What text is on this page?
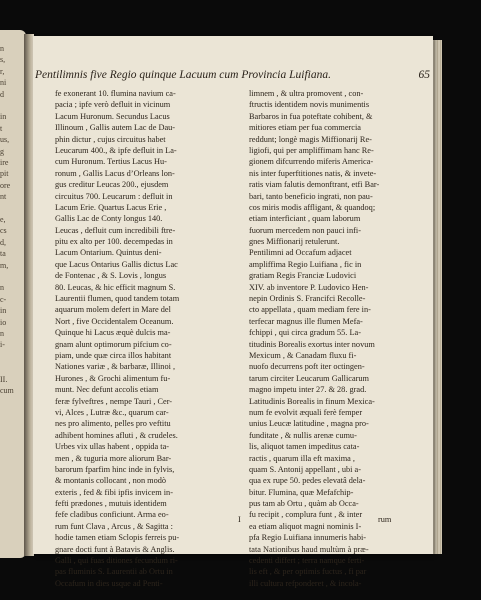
n
s,
r,
ni
d
in
t
us,
g
ire
pit
ore
nt
e,
cs
d,
ta
m,
n
c-
in
io
n
i-
II.
cum
Pentilimnis five Regio quinque Lacuum cum Provincia Luifiana.	65
fe exonerant 10. flumina navium ca-
pacia ; ipfe verò defluit in vicinum
Lacum Huronum. Secundus Lacus
Illinoum , Gallis autem Lac de Dau-
phin dictur , cujus circuitus habet
Leucarum 400., & ipfe defluit in La-
cum Huronum. Tertius Lacus Hu-
ronum , Gallis Lacus d’Orleans lon-
gus creditur Leucas 200., ejusdem
circuitus 700. Leucarum : defluit in
Lacum Erie. Quartus Lacus Erie ,
Gallis Lac de Conty longus 140.
Leucas , defluit cum incredibili ftre-
pitu ex alto per 100. decempedas in
Lacum Ontarium. Quintus deni-
que Lacus Ontarius Gallis dictus Lac
de Fontenac , & S. Lovis , longus
80. Leucas, & hic efficit magnum S.
Laurentii flumen, quod tandem totam
aquarum molem defert in Mare del
Nort , five Occidentalem Oceanum.
Quinque hi Lacus æquè dulcis ma-
gnam alunt optimorum pifcium co-
piam, unde quæ circa illos habitant
Nationes variæ , & barbaræ, Illinoi ,
Hurones , & Grochi alimentum fu-
munt. Nec defunt accolis etiam
feræ fylveftres , nempe Tauri , Cer-
vi, Alces , Lutræ &c., quarum car-
nes pro alimento, pelles pro veftitu
adhibent homines afluti , & crudeles.
Urbes vix ullas habent , oppida ta-
men , & tuguria more aliorum Bar-
barorum fparfim hinc inde in fylvis,
& montanis collocant , non modò
exteris , fed & fibi ipfis invicem in-
fefti prædones , mutuis identidem
fefe cladibus conficiunt. Arma eo-
rum funt Clava , Arcus , & Sagitta :
hodie tamen etiam Sclopis ferreis pu-
gnare docti funt à Batavis & Anglis.
Galli , qui fuas ditiones fecundum ri-
pas fluminis S. Laurentii ab Ortu in
Occafum in dies usque ad Penti-
limnem , & ultra promovent , con-
ftructis identidem novis munimentis
Barbaros in fua poteftate cohibent, &
mitiores etiam per fua commercia
reddunt; longè magis Miffionarij Re-
ligiofi, qui per ampliffimam hanc Re-
gionem difcurrendo miferis America-
nis inter fuperftitiones natis, & invete-
ratis viam falutis demonftrant, etfi Bar-
bari, tanto beneficio ingrati, non pau-
cos miris modis affligant, & quandoq;
etiam interficiant , quam laborum
fuorum mercedem non pauci infi-
gnes Miffionarij retulerunt.
Pentilimni ad Occafum adjacet
ampliffima Regio Luifiana , fic in
gratiam Regis Franciæ Ludovici
XIV. ab inventore P. Ludovico Hen-
nepin Ordinis S. Francifci Recolle-
cto appellata , quam mediam fere in-
terfecar magnus ille flumen Mefa-
fchippi , qui circa gradum 55. La-
titudinis Borealis exortus inter novum
Mexicum , & Canadam fluxu fi-
nuofo decurrens poft iter octingen-
tarum circiter Leucarum Gallicarum
magno impetu inter 27. & 28. grad.
Latitudinis Borealis in finum Mexica-
num fe evolvit æquali ferè femper
unius Leucæ latitudine , magna pro-
funditate , & nullis arenæ cumu-
lis, aliquot tamen impeditus cata-
ractis , quarum illa eft maxima ,
quam S. Antonij appellant , ubi a-
qua ex rupe 50. pedes elevatâ dela-
bitur. Flumina, quæ Mefafchip-
pus tam ab Ortu , quàm ab Occa-
fu recipit , complura funt , & inter
ea etiam aliquot magni nominis I-
pfa Regio Luifiana innumeris habi-
tata Nationibus haud multùm à præ-
cedenti differt ; terra namque ferti-
lis eft , & per optimis fuctus , fi par
illi cultura refponderet , & incola-
I	rum
